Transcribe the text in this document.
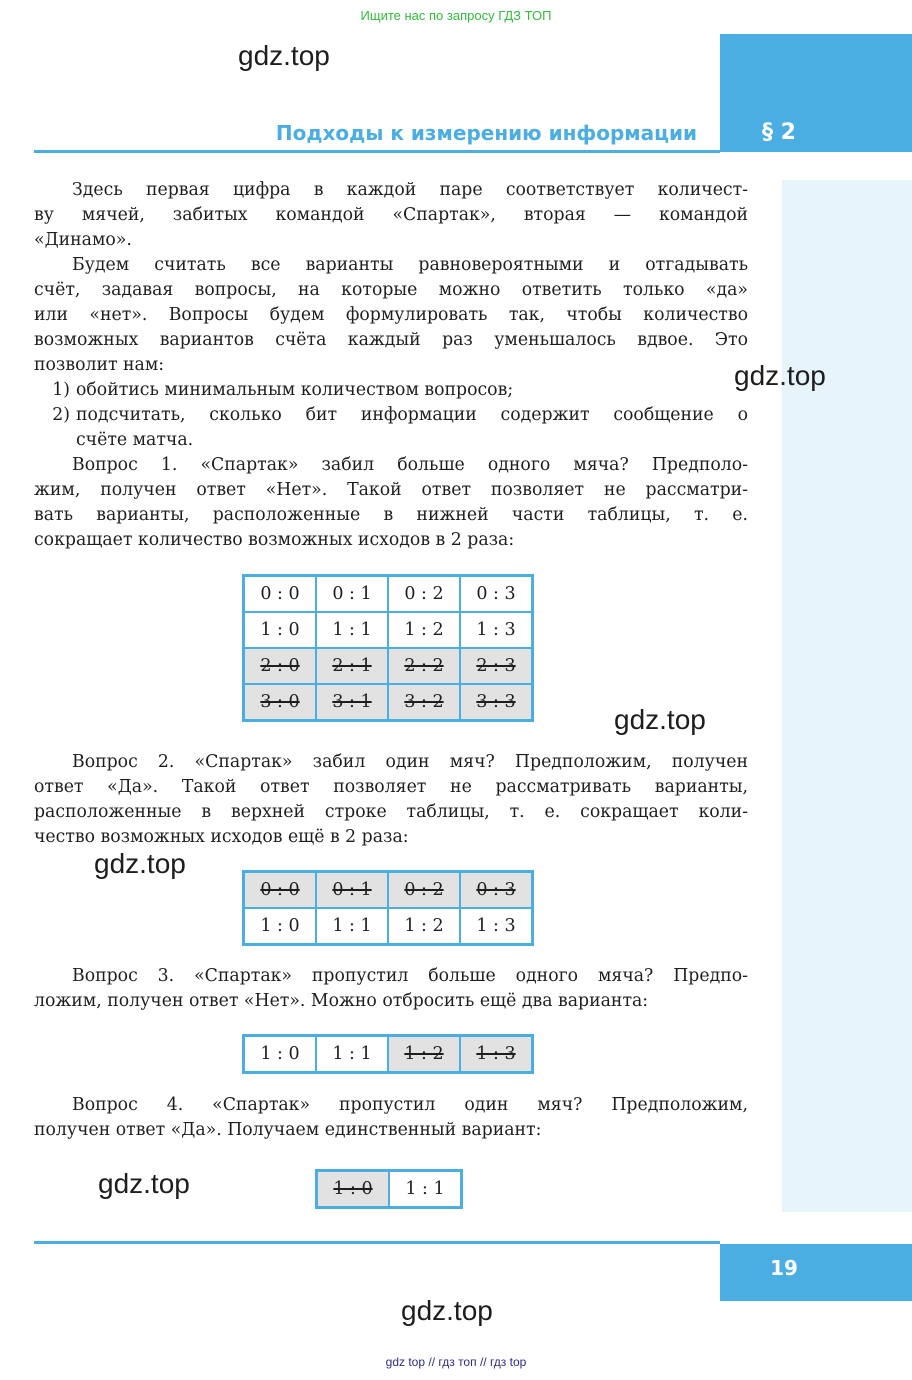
Ищите нас по запросу ГДЗ ТОП
§ 2
Подходы к измерению информации

Здесь первая цифра в каждой паре соответствует количест-

ву мячей, забитых командой «Спартак», вторая — командой

«Динамо».

Будем считать все варианты равновероятными и отгадывать

счёт, задавая вопросы, на которые можно ответить только «да»

или «нет». Вопросы будем формулировать так, чтобы количество

возможных вариантов счёта каждый раз уменьшалось вдвое. Это

позволит нам:

1) обойтись минимальным количеством вопросов;
2) подсчитать, сколько бит информации содержит сообщение о

счёте матча.

Вопрос 1. «Спартак» забил больше одного мяча? Предполо-

жим, получен ответ «Нет». Такой ответ позволяет не рассматри-

вать варианты, расположенные в нижней части таблицы, т. е.

сокращает количество возможных исходов в 2 раза:

0 : 0	0 : 1	0 : 2	0 : 3
1 : 0	1 : 1	1 : 2	1 : 3
2 : 0	2 : 1	2 : 2	2 : 3
3 : 0	3 : 1	3 : 2	3 : 3

Вопрос 2. «Спартак» забил один мяч? Предположим, получен

ответ «Да». Такой ответ позволяет не рассматривать варианты,

расположенные в верхней строке таблицы, т. е. сокращает коли-

чество возможных исходов ещё в 2 раза:

0 : 0	0 : 1	0 : 2	0 : 3
1 : 0	1 : 1	1 : 2	1 : 3

Вопрос 3. «Спартак» пропустил больше одного мяча? Предпо-

ложим, получен ответ «Нет». Можно отбросить ещё два варианта:

1 : 0	1 : 1	1 : 2	1 : 3

Вопрос 4. «Спартак» пропустил один мяч? Предположим,

получен ответ «Да». Получаем единственный вариант:

1 : 0	1 : 1
gdz.top
gdz.top
gdz.top
gdz.top
gdz.top
gdz.top
19
gdz top // гдз топ // гдз top
